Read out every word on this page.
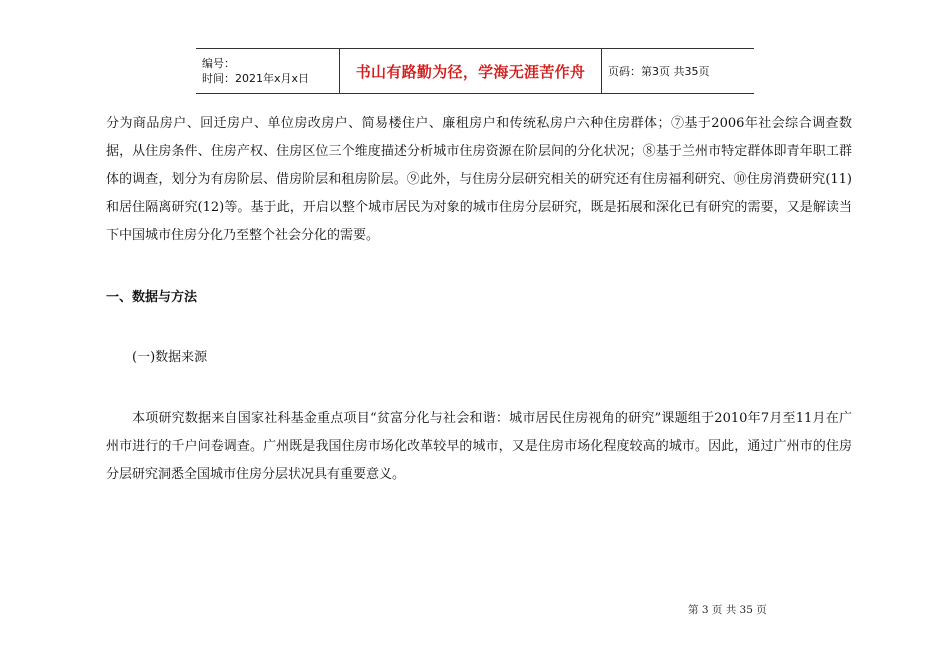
编号：
时间：2021年x月x日	书山有路勤为径，学海无涯苦作舟 页码：第3页 共35页

分为商品房户、回迁房户、单位房改房户、简易楼住户、廉租房户和传统私房户六种住房群体；⑦基于2006年社会综合调查数据，从住房条件、住房产权、住房区位三个维度描述分析城市住房资源在阶层间的分化状况；⑧基于兰州市特定群体即青年职工群体的调查，划分为有房阶层、借房阶层和租房阶层。⑨此外，与住房分层研究相关的研究还有住房福利研究、⑩住房消费研究(11)和居住隔离研究(12)等。基于此，开启以整个城市居民为对象的城市住房分层研究，既是拓展和深化已有研究的需要，又是解读当下中国城市住房分化乃至整个社会分化的需要。

一、数据与方法

(一)数据来源

本项研究数据来自国家社科基金重点项目“贫富分化与社会和谐：城市居民住房视角的研究”课题组于2010年7月至11月在广州市进行的千户问卷调查。广州既是我国住房市场化改革较早的城市，又是住房市场化程度较高的城市。因此，通过广州市的住房分层研究洞悉全国城市住房分层状况具有重要意义。

第 3 页 共 35 页
